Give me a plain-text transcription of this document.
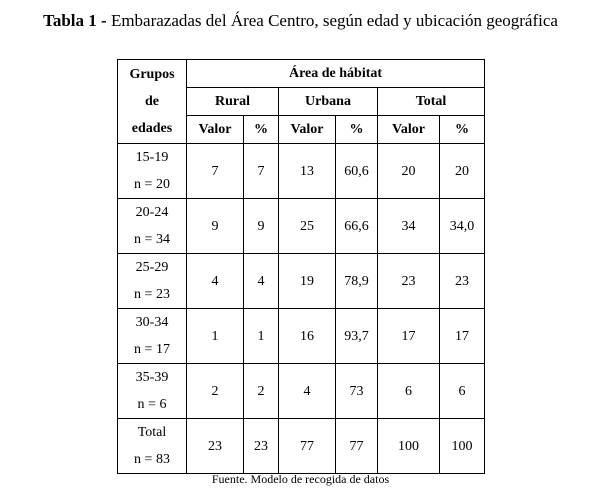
Tabla 1 - Embarazadas del Área Centro, según edad y ubicación geográfica
Grupos
de
edades	Área de hábitat					
	Rural		Urbana		Total	
	Valor	%	Valor	%	Valor	%

15-19
n = 20	7	7	13	60,6	20	20

20-24
n = 34	9	9	25	66,6	34	34,0

25-29
n = 23	4	4	19	78,9	23	23

30-34
n = 17	1	1	16	93,7	17	17

35-39
n = 6	2	2	4	73	6	6

Total
n = 83	23	23	77	77	100	100
Fuente. Modelo de recogida de datos
